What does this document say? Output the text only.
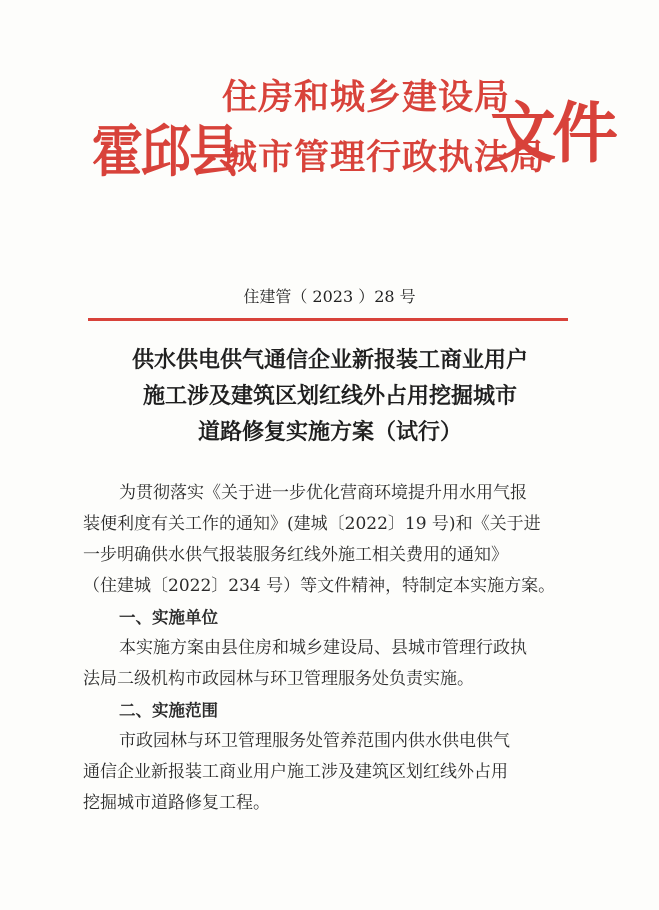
霍邱县
住房和城乡建设局
城市管理行政执法局
文件
住建管（ 2023 ）28 号
供水供电供气通信企业新报装工商业用户
施工涉及建筑区划红线外占用挖掘城市
道路修复实施方案（试行）
为贯彻落实《关于进一步优化营商环境提升用水用气报
装便利度有关工作的通知》(建城〔2022〕19 号)和《关于进
一步明确供水供气报装服务红线外施工相关费用的通知》
（住建城〔2022〕234 号）等文件精神，特制定本实施方案。
一、实施单位
本实施方案由县住房和城乡建设局、县城市管理行政执
法局二级机构市政园林与环卫管理服务处负责实施。
二、实施范围
市政园林与环卫管理服务处管养范围内供水供电供气
通信企业新报装工商业用户施工涉及建筑区划红线外占用
挖掘城市道路修复工程。
